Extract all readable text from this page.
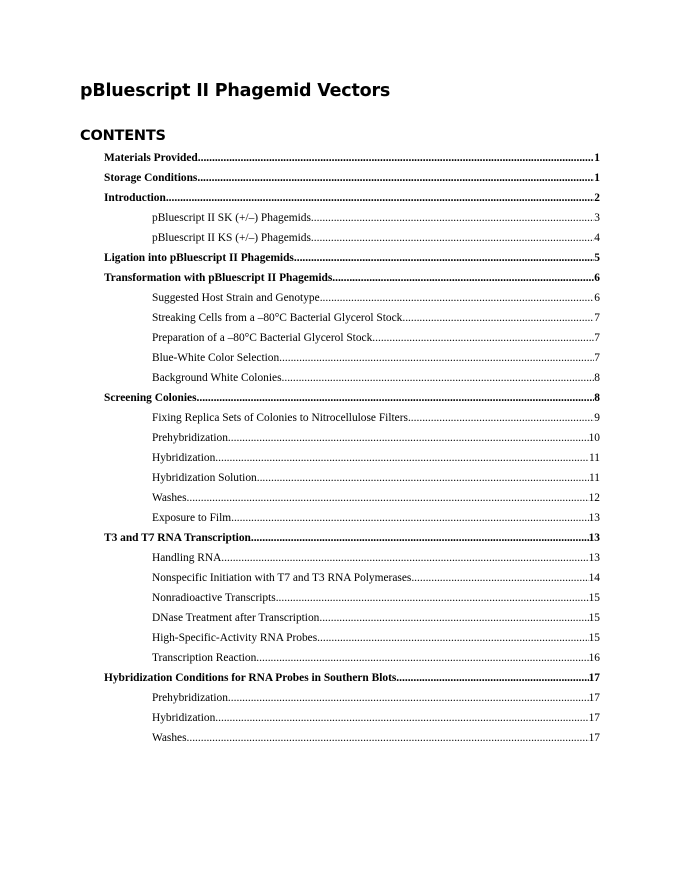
pBluescript II Phagemid Vectors
CONTENTS
Materials Provided .....	1
Storage Conditions .....	1
Introduction .....	2
pBluescript II SK (+/–) Phagemids .....	3
pBluescript II KS (+/–) Phagemids .....	4
Ligation into pBluescript II Phagemids .....	5
Transformation with pBluescript II Phagemids .....	6
Suggested Host Strain and Genotype .....	6
Streaking Cells from a –80°C Bacterial Glycerol Stock .....	7
Preparation of a –80°C Bacterial Glycerol Stock .....	7
Blue-White Color Selection .....	7
Background White Colonies .....	8
Screening Colonies .....	8
Fixing Replica Sets of Colonies to Nitrocellulose Filters .....	9
Prehybridization .....	10
Hybridization .....	11
Hybridization Solution .....	11
Washes .....	12
Exposure to Film .....	13
T3 and T7 RNA Transcription .....	13
Handling RNA .....	13
Nonspecific Initiation with T7 and T3 RNA Polymerases .....	14
Nonradioactive Transcripts .....	15
DNase Treatment after Transcription .....	15
High-Specific-Activity RNA Probes .....	15
Transcription Reaction .....	16
Hybridization Conditions for RNA Probes in Southern Blots .....	17
Prehybridization .....	17
Hybridization .....	17
Washes .....	17
